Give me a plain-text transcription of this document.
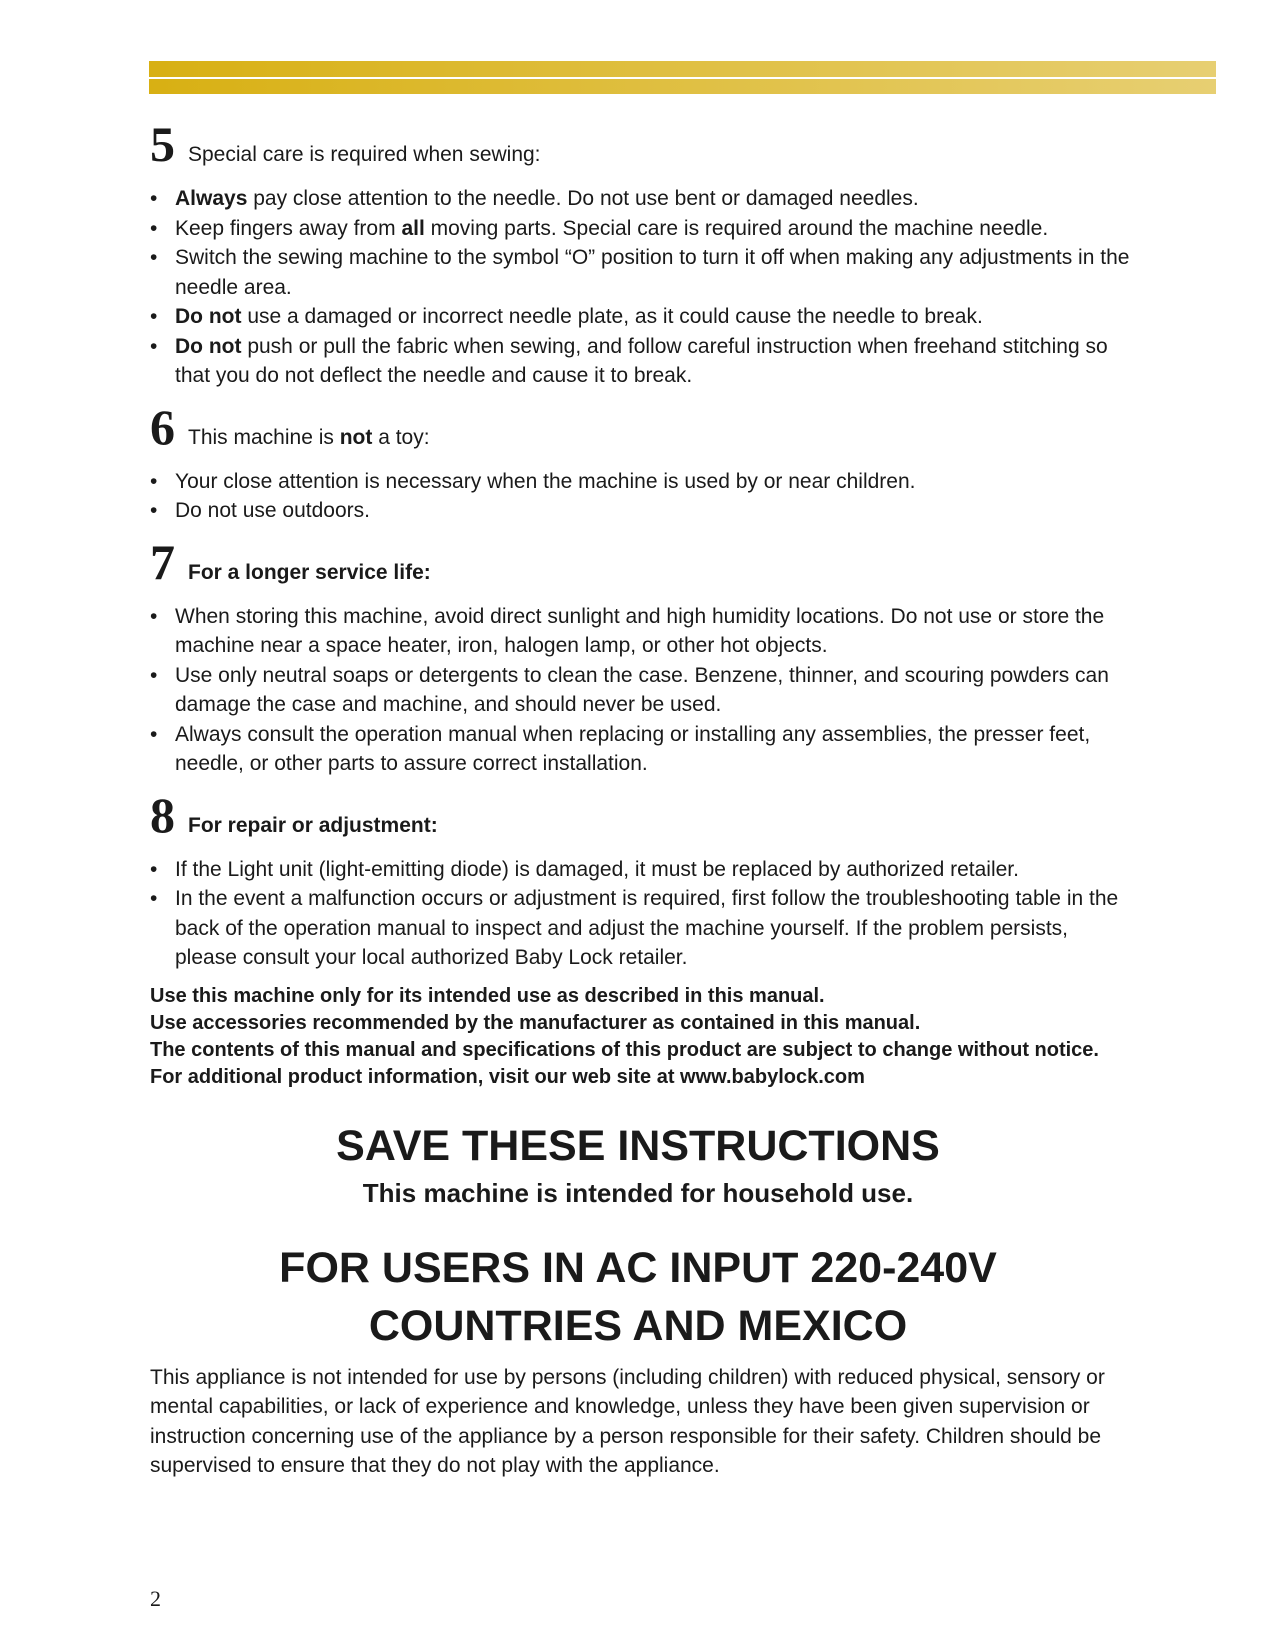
5 Special care is required when sewing:
• Always pay close attention to the needle. Do not use bent or damaged needles.
• Keep fingers away from all moving parts. Special care is required around the machine needle.
• Switch the sewing machine to the symbol “O” position to turn it off when making any adjustments in the needle area.
• Do not use a damaged or incorrect needle plate, as it could cause the needle to break.
• Do not push or pull the fabric when sewing, and follow careful instruction when freehand stitching so that you do not deflect the needle and cause it to break.
6 This machine is not a toy:
• Your close attention is necessary when the machine is used by or near children.
• Do not use outdoors.
7 For a longer service life:
• When storing this machine, avoid direct sunlight and high humidity locations. Do not use or store the machine near a space heater, iron, halogen lamp, or other hot objects.
• Use only neutral soaps or detergents to clean the case. Benzene, thinner, and scouring powders can damage the case and machine, and should never be used.
• Always consult the operation manual when replacing or installing any assemblies, the presser feet, needle, or other parts to assure correct installation.
8 For repair or adjustment:
• If the Light unit (light-emitting diode) is damaged, it must be replaced by authorized retailer.
• In the event a malfunction occurs or adjustment is required, first follow the troubleshooting table in the back of the operation manual to inspect and adjust the machine yourself. If the problem persists, please consult your local authorized Baby Lock retailer.
Use this machine only for its intended use as described in this manual.
Use accessories recommended by the manufacturer as contained in this manual.
The contents of this manual and specifications of this product are subject to change without notice.
For additional product information, visit our web site at www.babylock.com
SAVE THESE INSTRUCTIONS
This machine is intended for household use.
FOR USERS IN AC INPUT 220-240V
COUNTRIES AND MEXICO
This appliance is not intended for use by persons (including children) with reduced physical, sensory or mental capabilities, or lack of experience and knowledge, unless they have been given supervision or instruction concerning use of the appliance by a person responsible for their safety. Children should be supervised to ensure that they do not play with the appliance.
2
